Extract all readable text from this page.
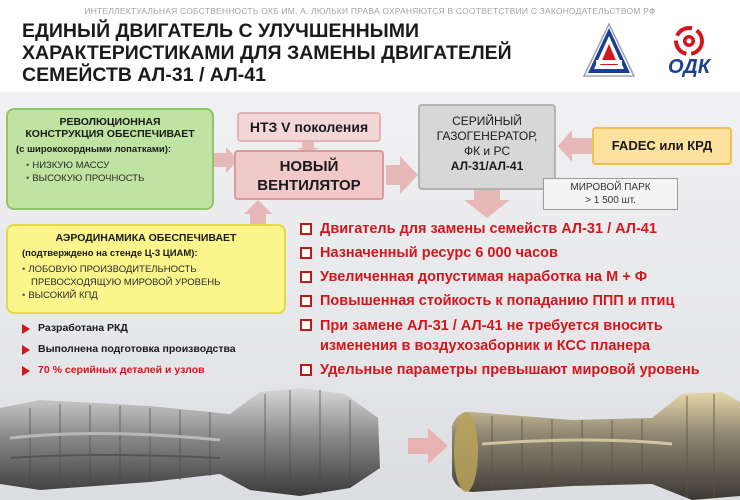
ИНТЕЛЛЕКТУАЛЬНАЯ СОБСТВЕННОСТЬ ОКБ ИМ. А. ЛЮЛЬКИ ПРАВА ОХРАНЯЮТСЯ В СООТВЕТСТВИИ С ЗАКОНОДАТЕЛЬСТВОМ РФ
ЕДИНЫЙ ДВИГАТЕЛЬ С УЛУЧШЕННЫМИ
ХАРАКТЕРИСТИКАМИ ДЛЯ ЗАМЕНЫ ДВИГАТЕЛЕЙ
СЕМЕЙСТВ АЛ-31 / АЛ-41	ОДК
РЕВОЛЮЦИОННАЯ
КОНСТРУКЦИЯ ОБЕСПЕЧИВАЕТ
(с широкохордными лопатками):
• НИЗКУЮ МАССУ
• ВЫСОКУЮ ПРОЧНОСТЬ
АЭРОДИНАМИКА ОБЕСПЕЧИВАЕТ
(подтверждено на стенде Ц-3 ЦИАМ):
• ЛОБОВУЮ ПРОИЗВОДИТЕЛЬНОСТЬ
ПРЕВОСХОДЯЩУЮ МИРОВОЙ УРОВЕНЬ
• ВЫСОКИЙ КПД
НТЗ V поколения
НОВЫЙ
ВЕНТИЛЯТОР
СЕРИЙНЫЙ
ГАЗОГЕНЕРАТОР,
ФК и РС
АЛ-31/АЛ-41
FADEC или КРД
МИРОВОЙ ПАРК
> 1 500 шт.
Двигатель для замены семейств АЛ-31 / АЛ-41
Назначенный ресурс 6 000 часов
Увеличенная допустимая наработка на М + Ф
Повышенная стойкость к попаданию ППП и птиц
При замене АЛ-31 / АЛ-41 не требуется вносить
изменения в воздухозаборник и КСС планера
Удельные параметры превышают мировой уровень
Разработана РКД
Выполнена подготовка производства
70 % серийных деталей и узлов
